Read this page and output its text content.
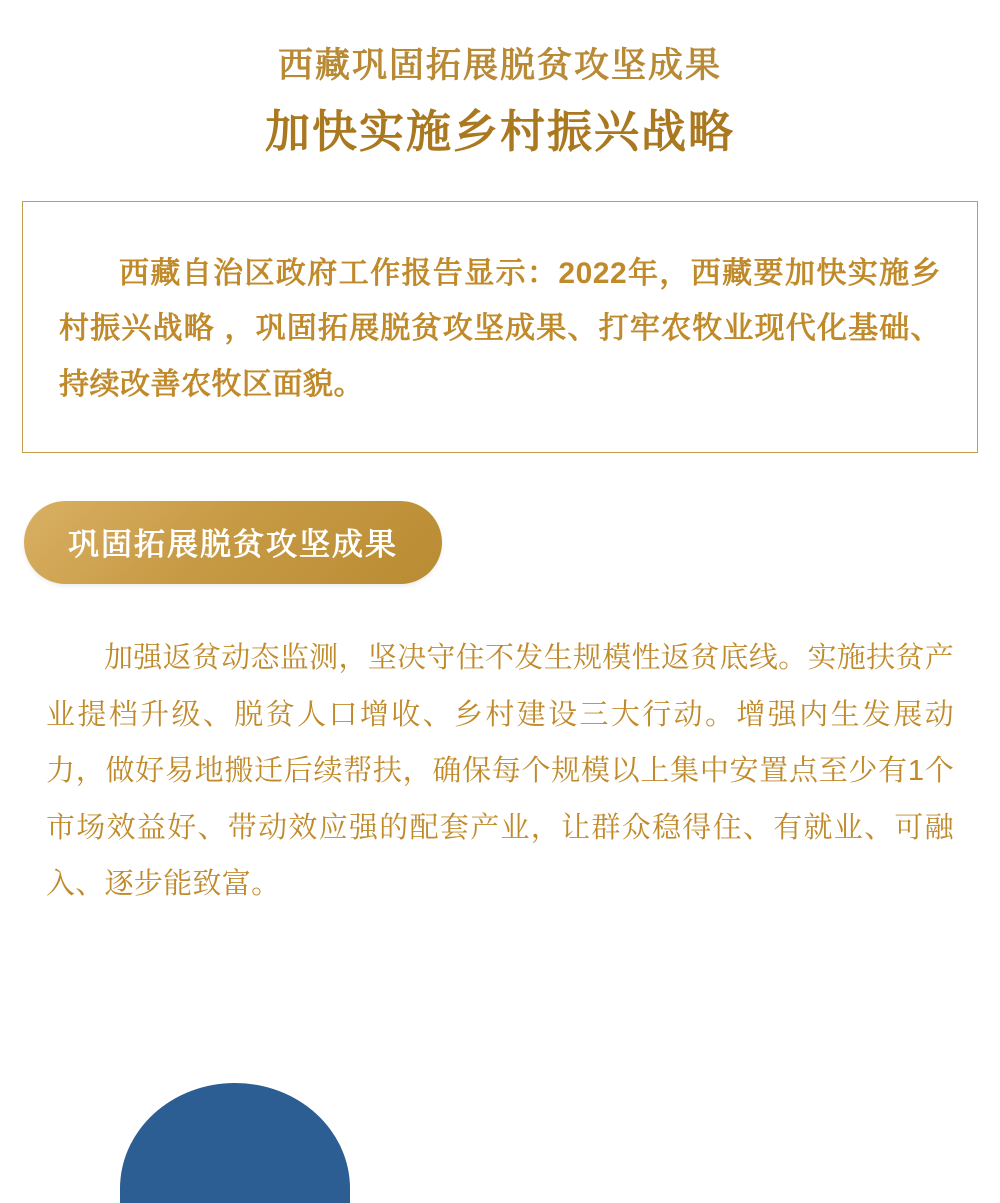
西藏巩固拓展脱贫攻坚成果
加快实施乡村振兴战略
西藏自治区政府工作报告显示：2022年，西藏要加快实施乡村振兴战略 ，巩固拓展脱贫攻坚成果、打牢农牧业现代化基础、持续改善农牧区面貌。
巩固拓展脱贫攻坚成果
加强返贫动态监测，坚决守住不发生规模性返贫底线。实施扶贫产业提档升级、脱贫人口增收、乡村建设三大行动。增强内生发展动力，做好易地搬迁后续帮扶，确保每个规模以上集中安置点至少有1个市场效益好、带动效应强的配套产业，让群众稳得住、有就业、可融入、逐步能致富。
